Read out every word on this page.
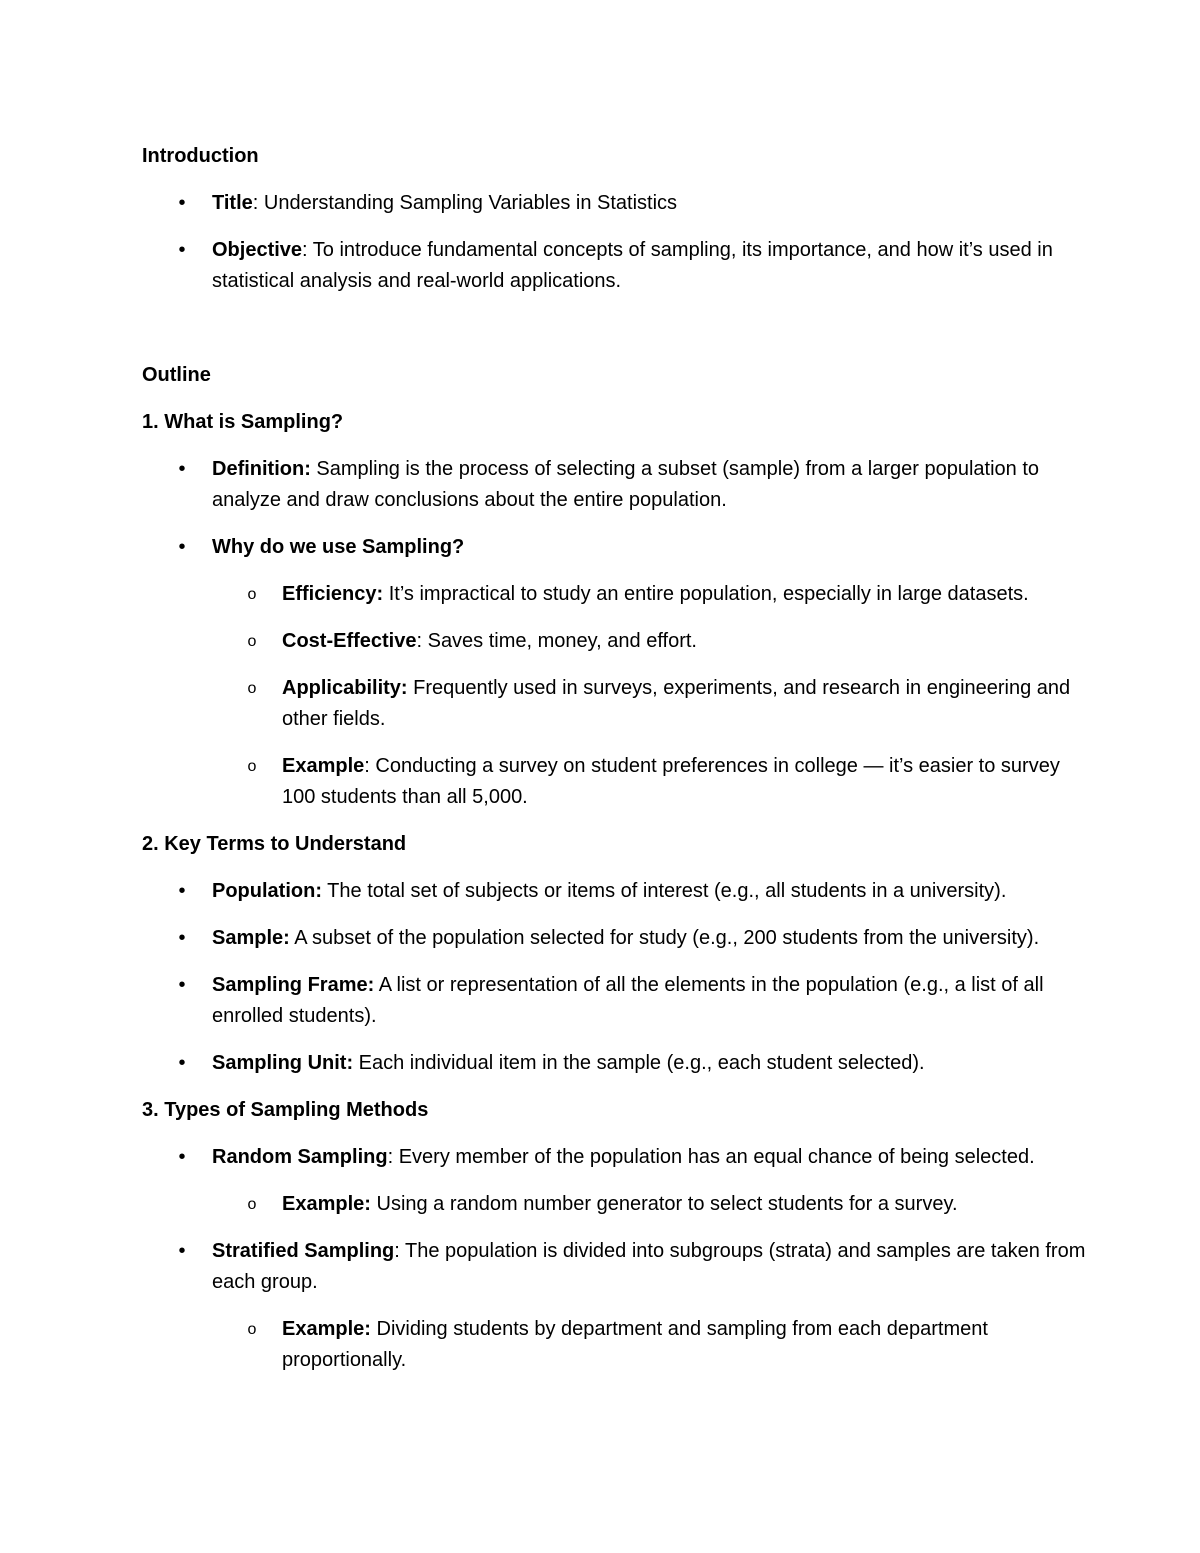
Introduction
•	Title: Understanding Sampling Variables in Statistics
•	Objective: To introduce fundamental concepts of sampling, its importance, and how it’s used in statistical analysis and real-world applications.
Outline
1. What is Sampling?
•	Definition: Sampling is the process of selecting a subset (sample) from a larger population to analyze and draw conclusions about the entire population.
•	Why do we use Sampling?
o Efficiency: It’s impractical to study an entire population, especially in large datasets.
o Cost-Effective: Saves time, money, and effort.
o Applicability: Frequently used in surveys, experiments, and research in engineering and other fields.
o Example: Conducting a survey on student preferences in college — it’s easier to survey 100 students than all 5,000.
2. Key Terms to Understand
•	Population: The total set of subjects or items of interest (e.g., all students in a university).
•	Sample: A subset of the population selected for study (e.g., 200 students from the university).
•	Sampling Frame: A list or representation of all the elements in the population (e.g., a list of all enrolled students).
•	Sampling Unit: Each individual item in the sample (e.g., each student selected).
3. Types of Sampling Methods
•	Random Sampling: Every member of the population has an equal chance of being selected.
o Example: Using a random number generator to select students for a survey.
•	Stratified Sampling: The population is divided into subgroups (strata) and samples are taken from each group.
o Example: Dividing students by department and sampling from each department proportionally.
